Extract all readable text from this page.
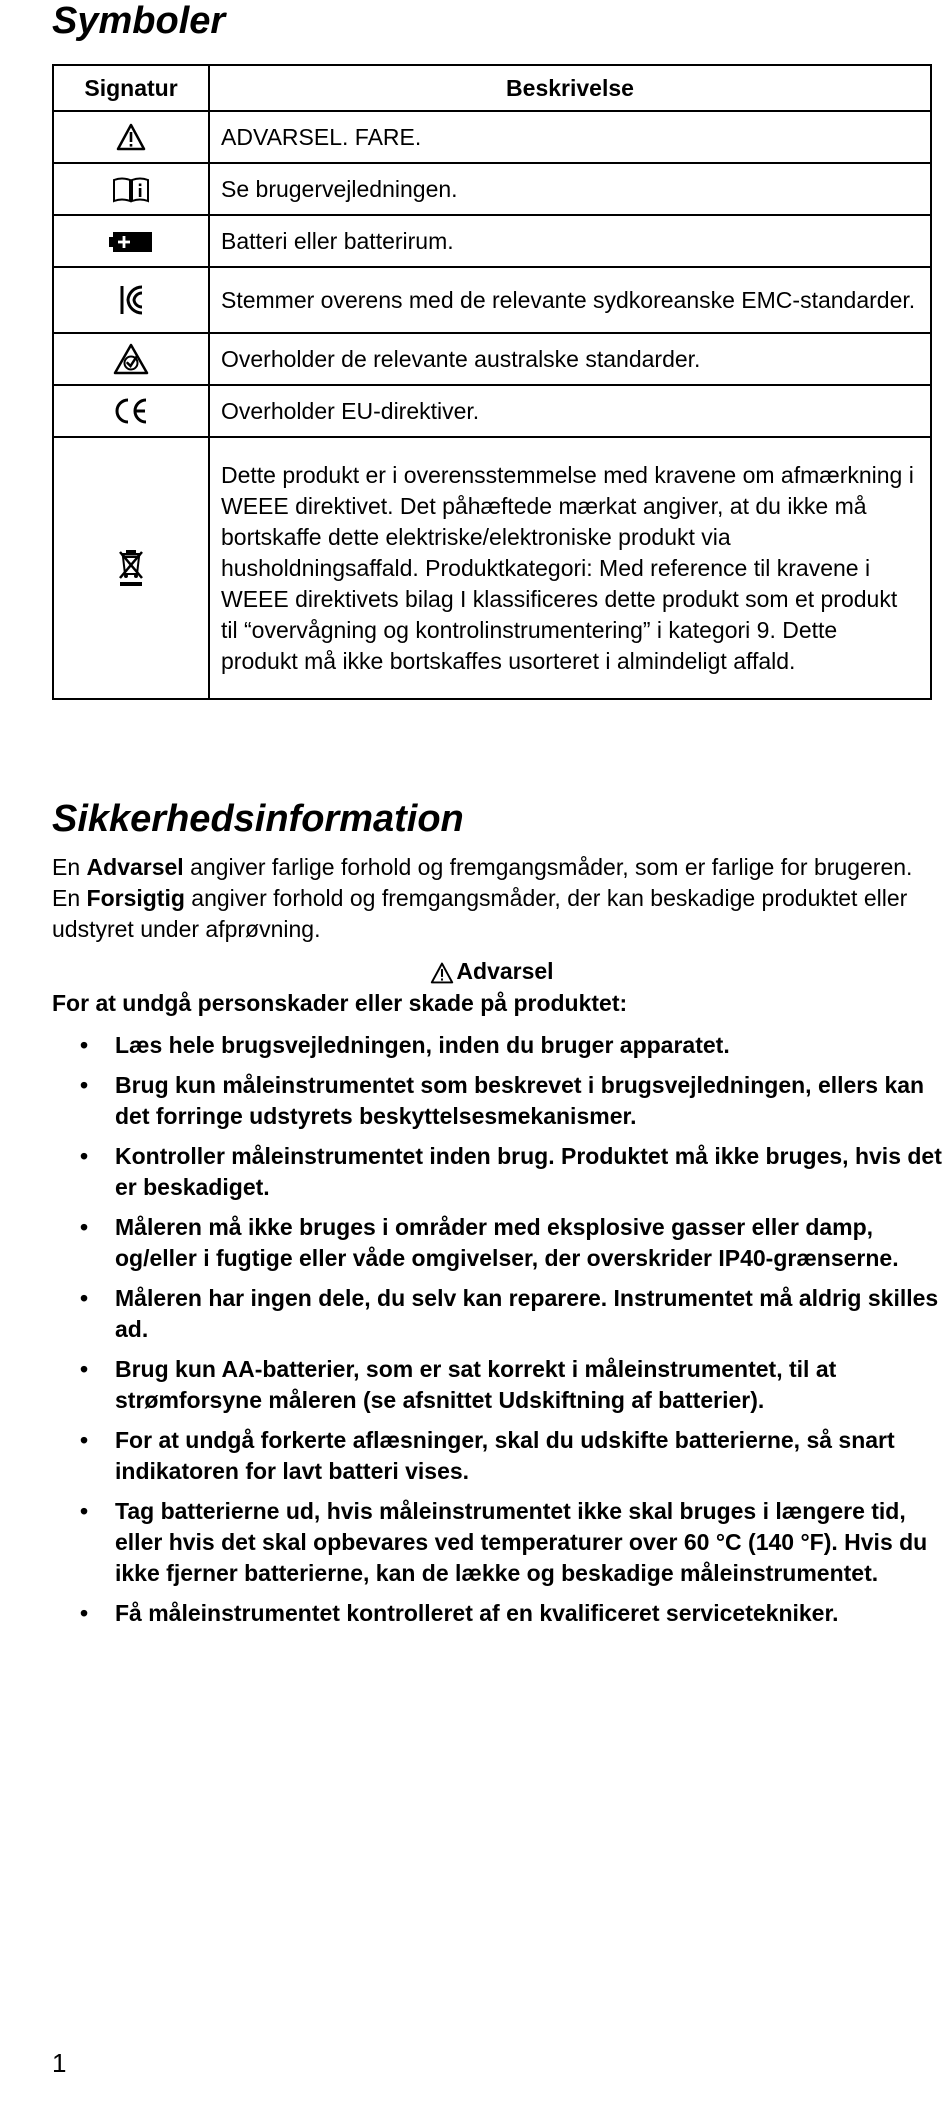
Symboler
Signatur	Beskrivelse
	ADVARSEL. FARE.
	Se brugervejledningen.
	Batteri eller batterirum.
	Stemmer overens med de relevante sydkoreanske EMC-standarder.
	Overholder de relevante australske standarder.
	Overholder EU-direktiver.
	Dette produkt er i overensstemmelse med kravene om afmærkning i WEEE direktivet. Det påhæftede mærkat angiver, at du ikke må bortskaffe dette elektriske/elektroniske produkt via husholdningsaffald. Produktkategori: Med reference til kravene i WEEE direktivets bilag I klassificeres dette produkt som et produkt til “overvågning og kontrolinstrumentering” i kategori 9. Dette produkt må ikke bortskaffes usorteret i almindeligt affald.
Sikkerhedsinformation

En Advarsel angiver farlige forhold og fremgangsmåder, som er farlige for brugeren. En Forsigtig angiver forhold og fremgangsmåder, der kan beskadige produktet eller udstyret under afprøvning.

Advarsel
For at undgå personskader eller skade på produktet:
• Læs hele brugsvejledningen, inden du bruger apparatet.
• Brug kun måleinstrumentet som beskrevet i brugsvejledningen, ellers kan det forringe udstyrets beskyttelsesmekanismer.
• Kontroller måleinstrumentet inden brug. Produktet må ikke bruges, hvis det er beskadiget.
• Måleren må ikke bruges i områder med eksplosive gasser eller damp, og/eller i fugtige eller våde omgivelser, der overskrider IP40-grænserne.
• Måleren har ingen dele, du selv kan reparere. Instrumentet må aldrig skilles ad.
• Brug kun AA-batterier, som er sat korrekt i måleinstrumentet, til at strømforsyne måleren (se afsnittet Udskiftning af batterier).
• For at undgå forkerte aflæsninger, skal du udskifte batterierne, så snart indikatoren for lavt batteri vises.
• Tag batterierne ud, hvis måleinstrumentet ikke skal bruges i længere tid, eller hvis det skal opbevares ved temperaturer over 60 °C (140 °F). Hvis du ikke fjerner batterierne, kan de lække og beskadige måleinstrumentet.
• Få måleinstrumentet kontrolleret af en kvalificeret servicetekniker.
1
